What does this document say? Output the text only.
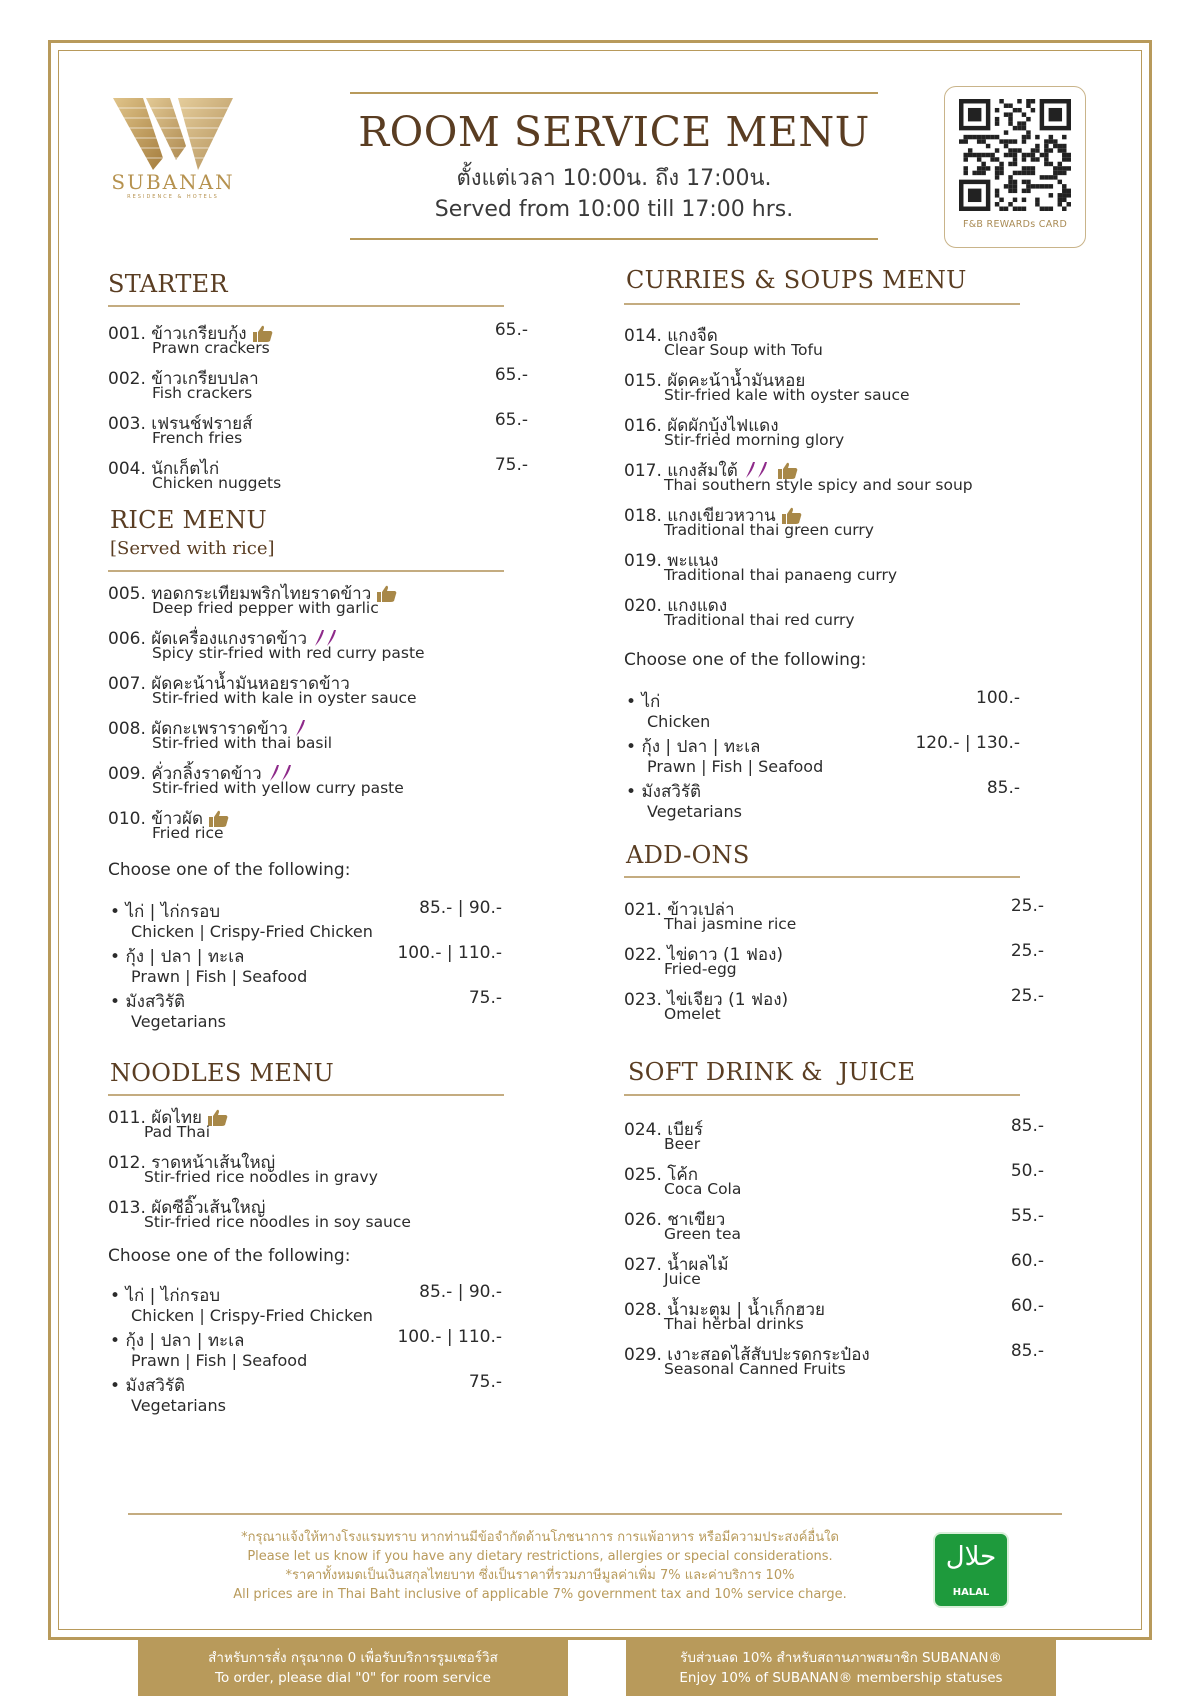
SUBANAN
RESIDENCE & HOTELS
ROOM SERVICE MENU
ตั้งแต่เวลา 10:00น. ถึง 17:00น.
Served from 10:00 till 17:00 hrs.
F&B REWARDs CARD
STARTER
001. ข้าวเกรียบกุ้ง
Prawn crackers
65.-
002. ข้าวเกรียบปลา
Fish crackers
65.-
003. เฟรนช์ฟรายส์
French fries
65.-
004. นักเก็ตไก่
Chicken nuggets
75.-
RICE MENU
[Served with rice]
005. ทอดกระเทียมพริกไทยราดข้าว
Deep fried pepper with garlic
006. ผัดเครื่องแกงราดข้าว
Spicy stir-fried with red curry paste
007. ผัดคะน้าน้ำมันหอยราดข้าว
Stir-fried with kale in oyster sauce
008. ผัดกะเพราราดข้าว
Stir-fried with thai basil
009. คั่วกลิ้งราดข้าว
Stir-fried with yellow curry paste
010. ข้าวผัด
Fried rice
Choose one of the following:
• ไก่ | ไก่กรอบ
Chicken | Crispy-Fried Chicken
85.- | 90.-
• กุ้ง | ปลา | ทะเล
Prawn | Fish | Seafood
100.- | 110.-
• มังสวิรัติ
Vegetarians
75.-
NOODLES MENU
011. ผัดไทย
Pad Thai
012. ราดหน้าเส้นใหญ่
Stir-fried rice noodles in gravy
013. ผัดซีอิ๊วเส้นใหญ่
Stir-fried rice noodles in soy sauce
Choose one of the following:
• ไก่ | ไก่กรอบ
Chicken | Crispy-Fried Chicken
85.- | 90.-
• กุ้ง | ปลา | ทะเล
Prawn | Fish | Seafood
100.- | 110.-
• มังสวิรัติ
Vegetarians
75.-
CURRIES & SOUPS MENU
014. แกงจืด
Clear Soup with Tofu
015. ผัดคะน้าน้ำมันหอย
Stir-fried kale with oyster sauce
016. ผัดผักบุ้งไฟแดง
Stir-fried morning glory
017. แกงส้มใต้
Thai southern style spicy and sour soup
018. แกงเขียวหวาน
Traditional thai green curry
019. พะแนง
Traditional thai panaeng curry
020. แกงแดง
Traditional thai red curry
Choose one of the following:
• ไก่
Chicken
100.-
• กุ้ง | ปลา | ทะเล
Prawn | Fish | Seafood
120.- | 130.-
• มังสวิรัติ
Vegetarians
85.-
ADD-ONS
021. ข้าวเปล่า
Thai jasmine rice
25.-
022. ไข่ดาว (1 ฟอง)
Fried-egg
25.-
023. ไข่เจียว (1 ฟอง)
Omelet
25.-
SOFT DRINK &  JUICE
024. เบียร์
Beer
85.-
025. โค้ก
Coca Cola
50.-
026. ชาเขียว
Green tea
55.-
027. น้ำผลไม้
Juice
60.-
028. น้ำมะตูม | น้ำเก็กฮวย
Thai herbal drinks
60.-
029. เงาะสอดไส้สับปะรดกระป๋อง
Seasonal Canned Fruits
85.-
*กรุณาแจ้งให้ทางโรงแรมทราบ หากท่านมีข้อจำกัดด้านโภชนาการ การแพ้อาหาร หรือมีความประสงค์อื่นใด
Please let us know if you have any dietary restrictions, allergies or special considerations.
*ราคาทั้งหมดเป็นเงินสกุลไทยบาท ซึ่งเป็นราคาที่รวมภาษีมูลค่าเพิ่ม 7% และค่าบริการ 10%
All prices are in Thai Baht inclusive of applicable 7% government tax and 10% service charge.
حلال
HALAL
สำหรับการสั่ง กรุณากด 0 เพื่อรับบริการรูมเซอร์วิส
To order, please dial "0" for room service
รับส่วนลด 10% สำหรับสถานภาพสมาชิก SUBANAN®
Enjoy 10% of SUBANAN® membership statuses
